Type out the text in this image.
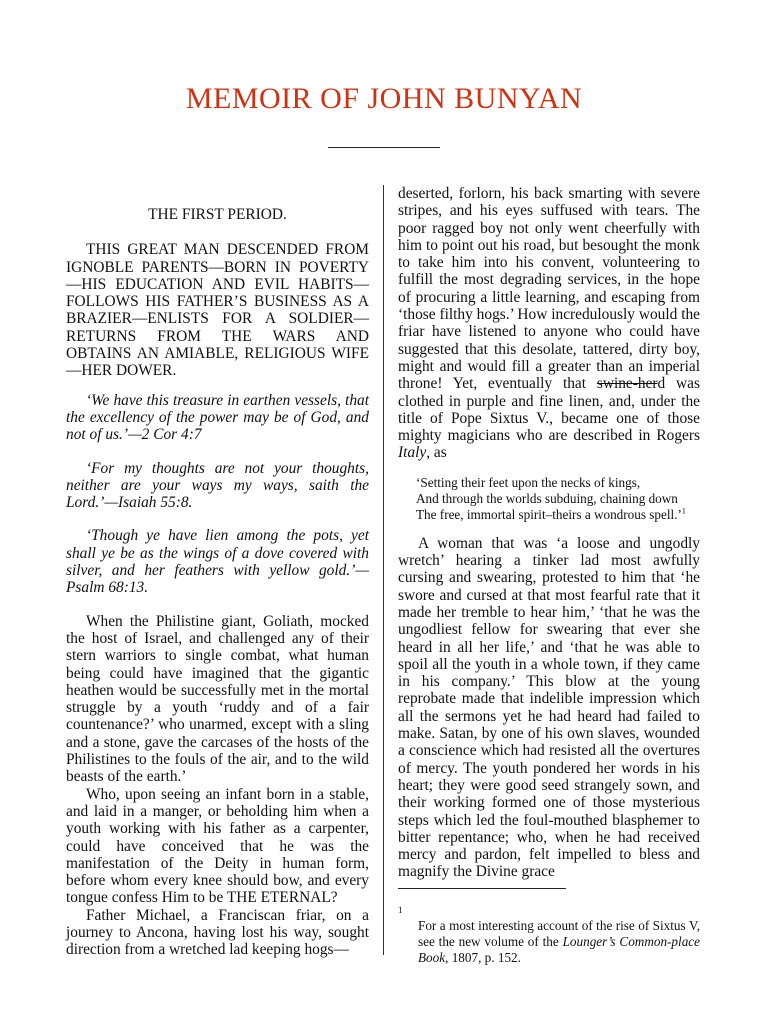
MEMOIR OF JOHN BUNYAN

THE FIRST PERIOD.

THIS GREAT MAN DESCENDED FROM IGNOBLE PARENTS—BORN IN POVERTY—HIS EDUCATION AND EVIL HABITS—FOLLOWS HIS FATHER’S BUSINESS AS A BRAZIER—ENLISTS FOR A SOLDIER—RETURNS FROM THE WARS AND OBTAINS AN AMIABLE, RELIGIOUS WIFE—HER DOWER.

‘We have this treasure in earthen vessels, that the excellency of the power may be of God, and not of us.’—2 Cor 4:7

‘For my thoughts are not your thoughts, neither are your ways my ways, saith the Lord.’—Isaiah 55:8.

‘Though ye have lien among the pots, yet shall ye be as the wings of a dove covered with silver, and her feathers with yellow gold.’—Psalm 68:13.

When the Philistine giant, Goliath, mocked the host of Israel, and challenged any of their stern warriors to single combat, what human being could have imagined that the gigantic heathen would be successfully met in the mortal struggle by a youth ‘ruddy and of a fair countenance?’ who unarmed, except with a sling and a stone, gave the carcases of the hosts of the Philistines to the fouls of the air, and to the wild beasts of the earth.’

Who, upon seeing an infant born in a stable, and laid in a manger, or beholding him when a youth working with his father as a carpenter, could have conceived that he was the manifestation of the Deity in human form, before whom every knee should bow, and every tongue confess Him to be THE ETERNAL?

Father Michael, a Franciscan friar, on a journey to Ancona, having lost his way, sought direction from a wretched lad keeping hogs—

deserted, forlorn, his back smarting with severe stripes, and his eyes suffused with tears. The poor ragged boy not only went cheerfully with him to point out his road, but besought the monk to take him into his convent, volunteering to fulfill the most degrading services, in the hope of procuring a little learning, and escaping from ‘those filthy hogs.’ How incredulously would the friar have listened to anyone who could have suggested that this desolate, tattered, dirty boy, might and would fill a greater than an imperial throne! Yet, eventually that swine-herd was clothed in purple and fine linen, and, under the title of Pope Sixtus V., became one of those mighty magicians who are described in Rogers Italy, as

‘Setting their feet upon the necks of kings,
And through the worlds subduing, chaining down
The free, immortal spirit–theirs a wondrous spell.’$^1$

A woman that was ‘a loose and ungodly wretch’ hearing a tinker lad most awfully cursing and swearing, protested to him that ‘he swore and cursed at that most fearful rate that it made her tremble to hear him,’ ‘that he was the ungodliest fellow for swearing that ever she heard in all her life,’ and ‘that he was able to spoil all the youth in a whole town, if they came in his company.’ This blow at the young reprobate made that indelible impression which all the sermons yet he had heard had failed to make. Satan, by one of his own slaves, wounded a conscience which had resisted all the overtures of mercy. The youth pondered her words in his heart; they were good seed strangely sown, and their working formed one of those mysterious steps which led the foul-mouthed blasphemer to bitter repentance; who, when he had received mercy and pardon, felt impelled to bless and magnify the Divine grace

1

For a most interesting account of the rise of Sixtus V, see the new volume of the Lounger’s Common-place Book, 1807, p. 152.
